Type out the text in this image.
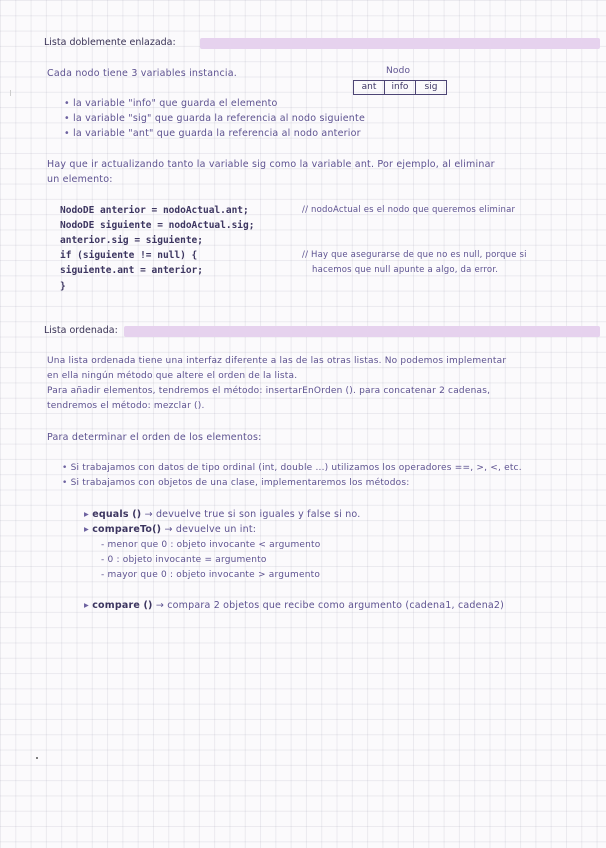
Lista doblemente enlazada:
Cada nodo tiene 3 variables instancia.	Nodo
ant	info	sig
• la variable "info" que guarda el elemento
• la variable "sig" que guarda la referencia al nodo siguiente
• la variable "ant" que guarda la referencia al nodo anterior
Hay que ir actualizando tanto la variable sig como la variable ant. Por ejemplo, al eliminar
un elemento:
NodoDE anterior = nodoActual.ant;
NodoDE siguiente = nodoActual.sig;
anterior.sig = siguiente;
if (siguiente != null) {
siguiente.ant = anterior;
}
// nodoActual es el nodo que queremos eliminar
// Hay que asegurarse de que no es null, porque si
hacemos que null apunte a algo, da error.
Lista ordenada:
Una lista ordenada tiene una interfaz diferente a las de las otras listas. No podemos implementar
en ella ningún método que altere el orden de la lista.
Para añadir elementos, tendremos el método: insertarEnOrden (). para concatenar 2 cadenas,
tendremos el método: mezclar ().
Para determinar el orden de los elementos:
• Si trabajamos con datos de tipo ordinal (int, double ...) utilizamos los operadores ==, >, <, etc.
• Si trabajamos con objetos de una clase, implementaremos los métodos:
▸ equals () → devuelve true si son iguales y false si no.
▸ compareTo() → devuelve un int:
- menor que 0 : objeto invocante < argumento
- 0 : objeto invocante = argumento
- mayor que 0 : objeto invocante > argumento
▸ compare () → compara 2 objetos que recibe como argumento (cadena1, cadena2)
